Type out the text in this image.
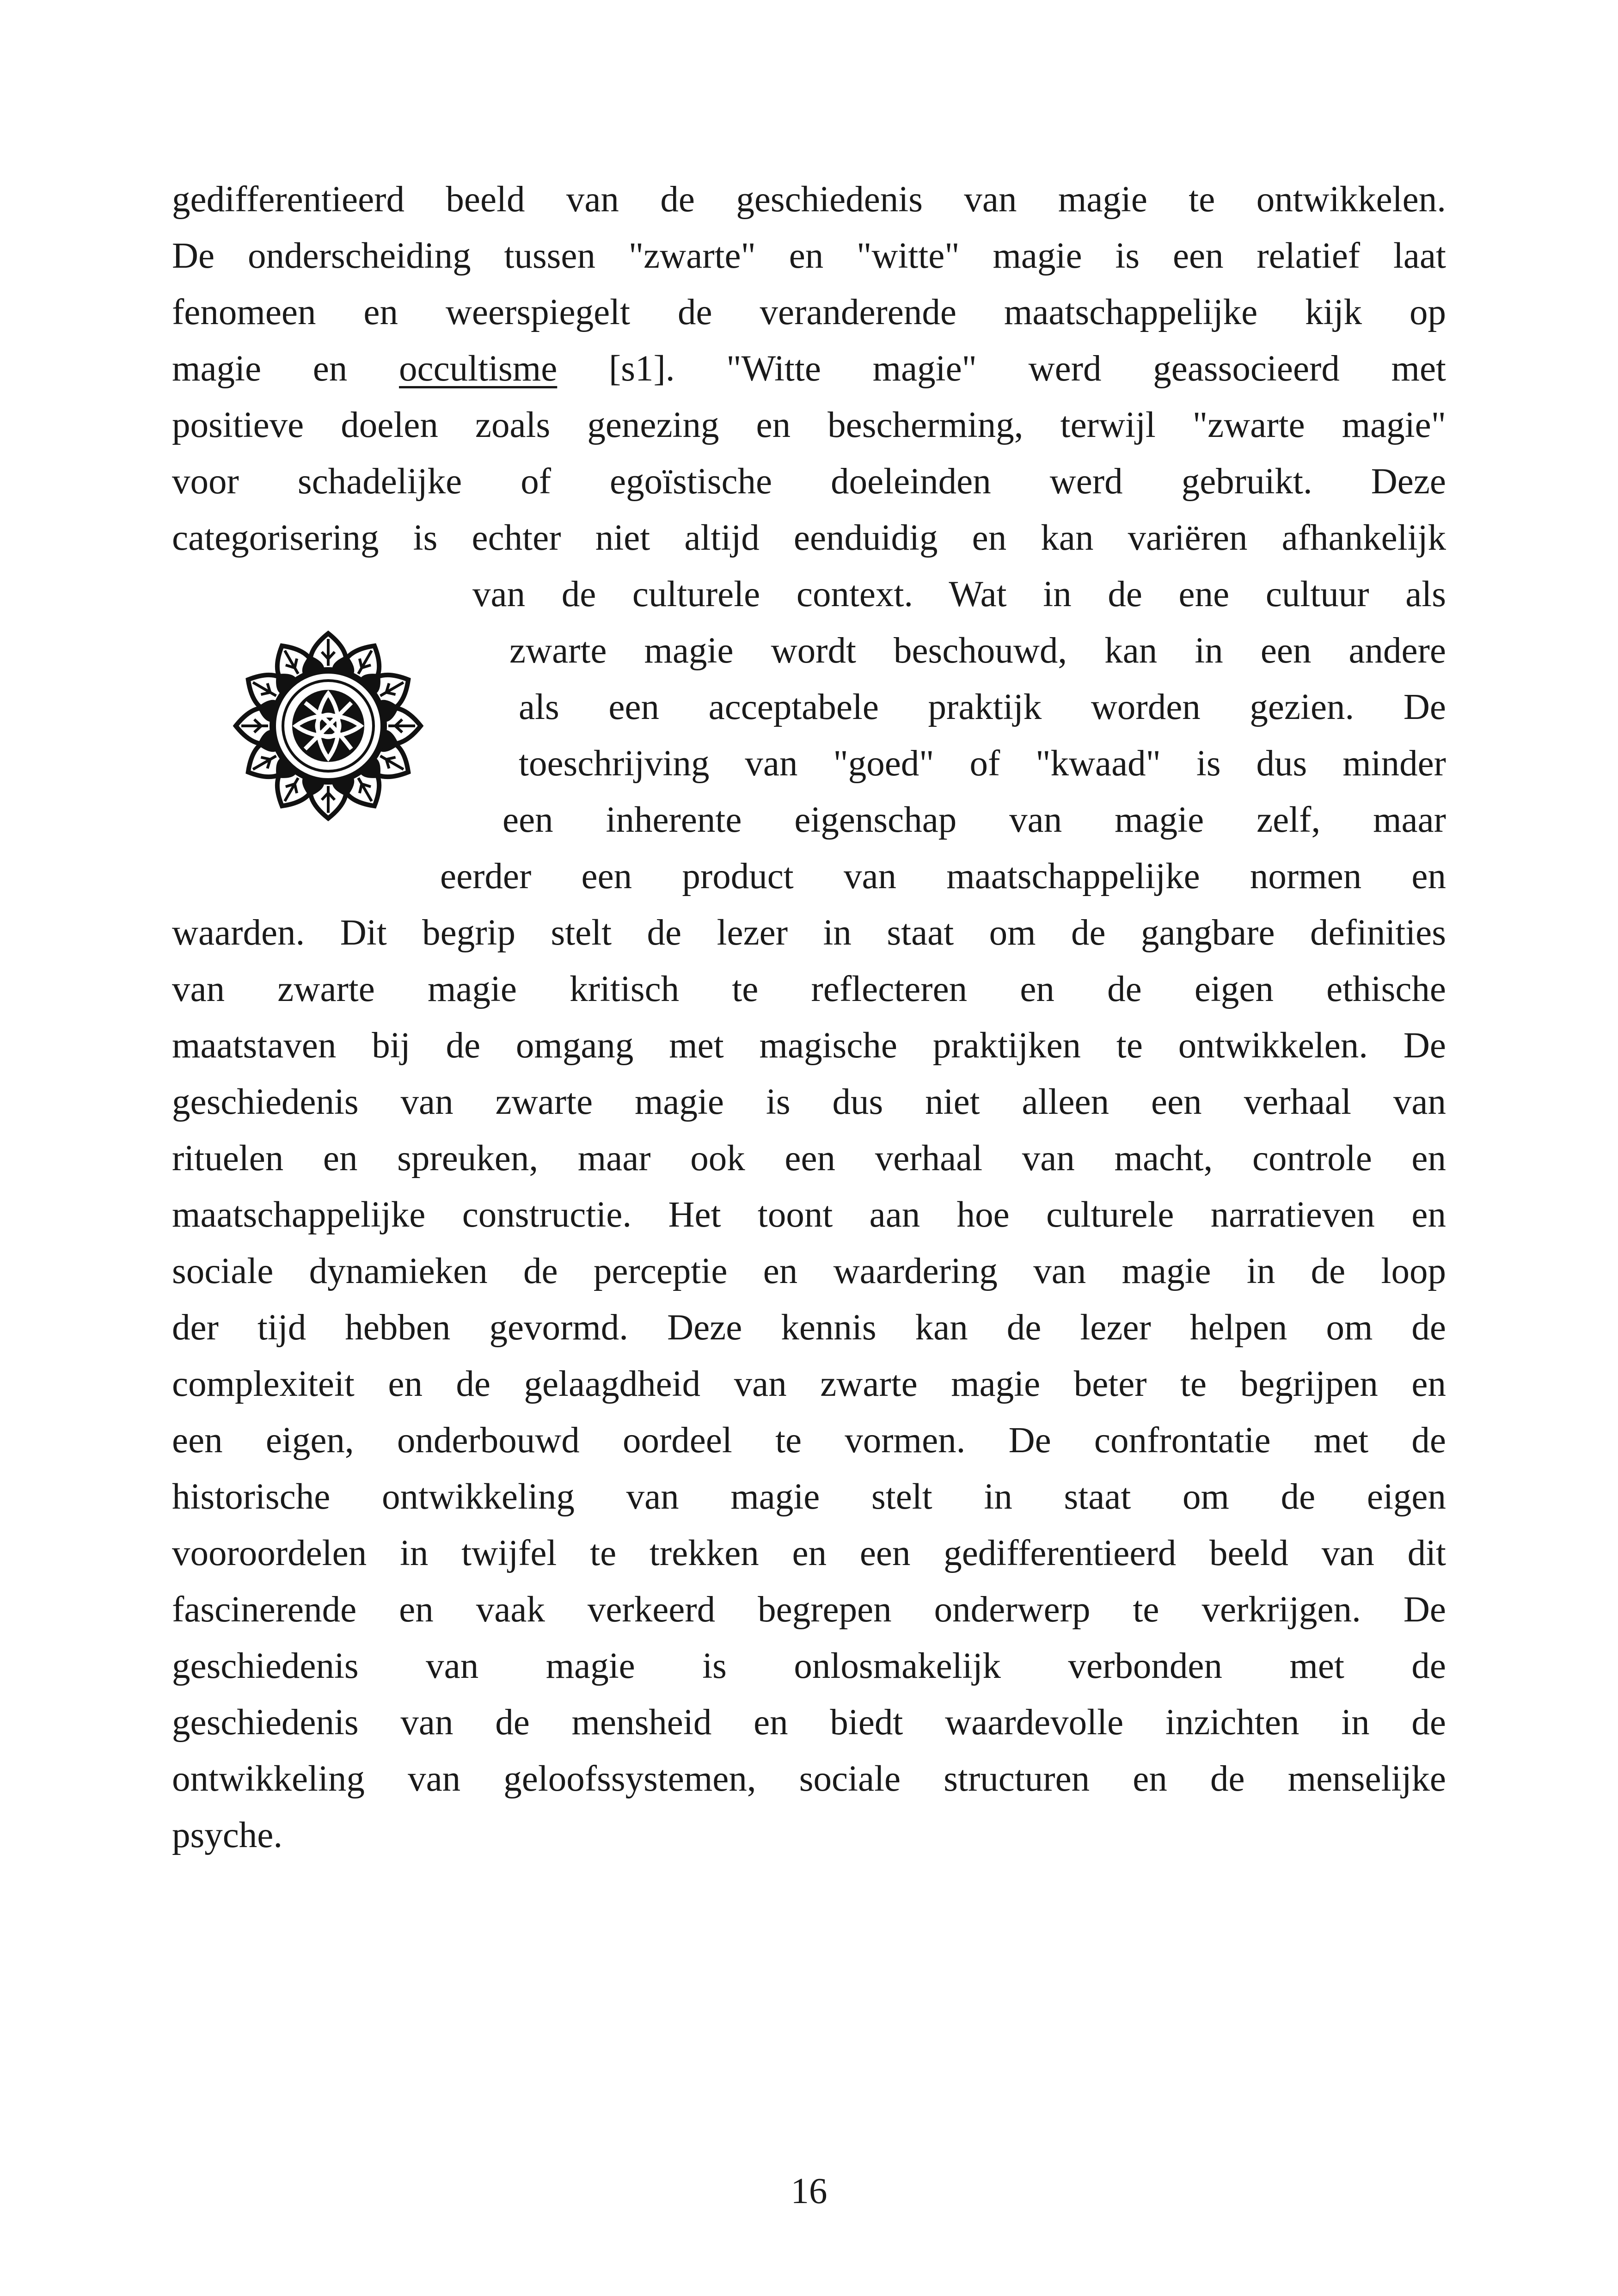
gedifferentieerd beeld van de geschiedenis van magie te ontwikkelen.
De onderscheiding tussen "zwarte" en "witte" magie is een relatief laat
fenomeen en weerspiegelt de veranderende maatschappelijke kijk op
magie en occultisme [s1]. "Witte magie" werd geassocieerd met
positieve doelen zoals genezing en bescherming, terwijl "zwarte magie"
voor schadelijke of egoïstische doeleinden werd gebruikt. Deze
categorisering is echter niet altijd eenduidig en kan variëren afhankelijk
van de culturele context. Wat in de ene cultuur als
zwarte magie wordt beschouwd, kan in een andere
als een acceptabele praktijk worden gezien. De
toeschrijving van "goed" of "kwaad" is dus minder
een inherente eigenschap van magie zelf, maar
eerder een product van maatschappelijke normen en
waarden. Dit begrip stelt de lezer in staat om de gangbare definities
van zwarte magie kritisch te reflecteren en de eigen ethische
maatstaven bij de omgang met magische praktijken te ontwikkelen. De
geschiedenis van zwarte magie is dus niet alleen een verhaal van
rituelen en spreuken, maar ook een verhaal van macht, controle en
maatschappelijke constructie. Het toont aan hoe culturele narratieven en
sociale dynamieken de perceptie en waardering van magie in de loop
der tijd hebben gevormd. Deze kennis kan de lezer helpen om de
complexiteit en de gelaagdheid van zwarte magie beter te begrijpen en
een eigen, onderbouwd oordeel te vormen. De confrontatie met de
historische ontwikkeling van magie stelt in staat om de eigen
vooroordelen in twijfel te trekken en een gedifferentieerd beeld van dit
fascinerende en vaak verkeerd begrepen onderwerp te verkrijgen. De
geschiedenis van magie is onlosmakelijk verbonden met de
geschiedenis van de mensheid en biedt waardevolle inzichten in de
ontwikkeling van geloofssystemen, sociale structuren en de menselijke
psyche.
16
